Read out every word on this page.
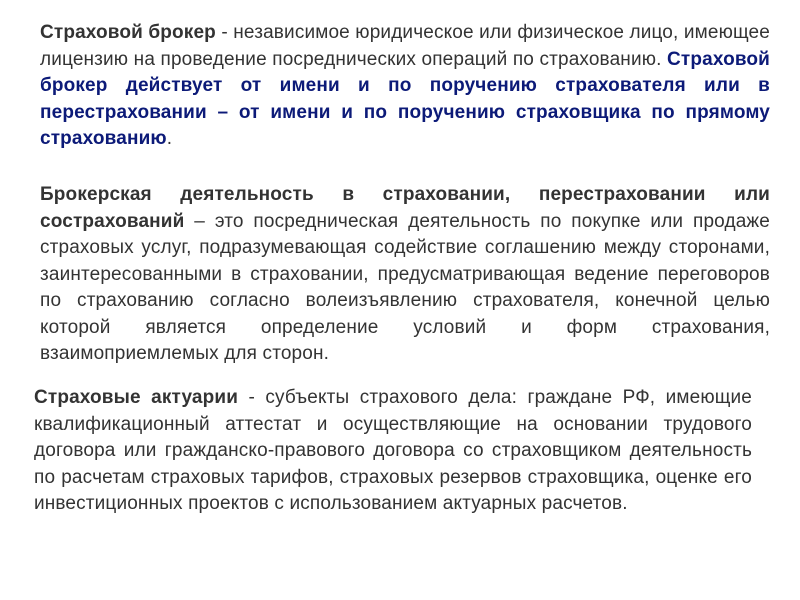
Страховой брокер - независимое юридическое или физическое лицо, имеющее лицензию на проведение посреднических операций по страхованию. Страховой брокер действует от имени и по поручению страхователя или в перестраховании – от имени и по поручению страховщика по прямому страхованию.

Брокерская деятельность в страховании, перестраховании или сострахований – это посредническая деятельность по покупке или продаже страховых услуг, подразумевающая содействие соглашению между сторонами, заинтересованными в страховании, предусматривающая ведение переговоров по страхованию согласно волеизъявлению страхователя, конечной целью которой является определение условий и форм страхования, взаимоприемлемых для сторон.

Страховые актуарии - субъекты страхового дела: граждане РФ, имеющие квалификационный аттестат и осуществляющие на основании трудового договора или гражданско-правового договора со страховщиком деятельность по расчетам страховых тарифов, страховых резервов страховщика, оценке его инвестиционных проектов с использованием актуарных расчетов.
